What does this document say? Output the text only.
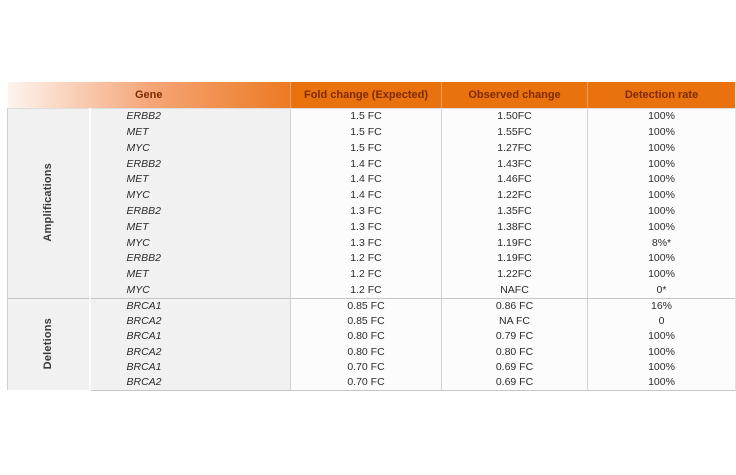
Gene		Fold change (Expected)	Observed change	Detection rate
Amplifications	ERBB2	1.5 FC	1.50FC	100%
	MET	1.5 FC	1.55FC	100%
	MYC	1.5 FC	1.27FC	100%
	ERBB2	1.4 FC	1.43FC	100%
	MET	1.4 FC	1.46FC	100%
	MYC	1.4 FC	1.22FC	100%
	ERBB2	1.3 FC	1.35FC	100%
	MET	1.3 FC	1.38FC	100%
	MYC	1.3 FC	1.19FC	8%*
	ERBB2	1.2 FC	1.19FC	100%
	MET	1.2 FC	1.22FC	100%
	MYC	1.2 FC	NAFC	0*
Deletions	BRCA1	0.85 FC	0.86 FC	16%
	BRCA2	0.85 FC	NA FC	0
	BRCA1	0.80 FC	0.79 FC	100%
	BRCA2	0.80 FC	0.80 FC	100%
	BRCA1	0.70 FC	0.69 FC	100%
	BRCA2	0.70 FC	0.69 FC	100%
